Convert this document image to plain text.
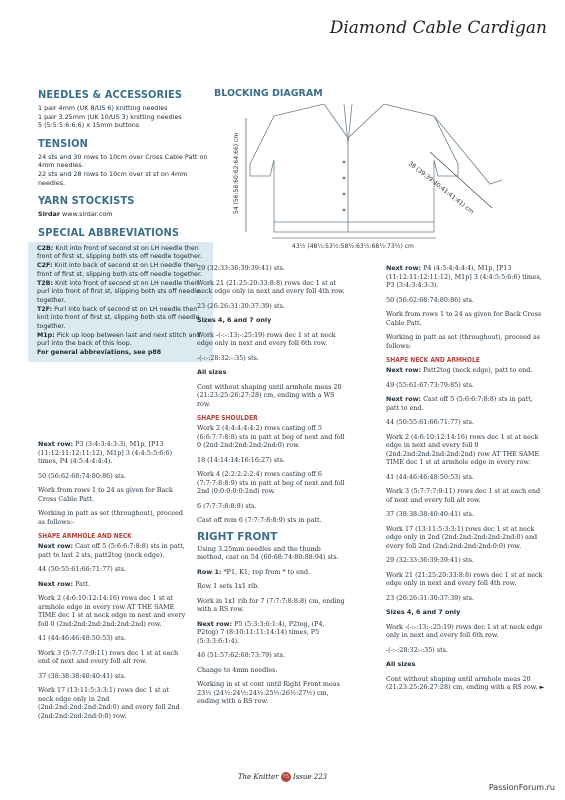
Diamond Cable Cardigan
NEEDLES & ACCESSORIES

1 pair 4mm (UK 8/US 6) knitting needles

1 pair 3.25mm (UK 10/US 3) knitting needles

5 (5:5:5:6:6:6) x 15mm buttons

TENSION

24 sts and 30 rows to 10cm over Cross Cable Patt on 4mm needles.

22 sts and 28 rows to 10cm over st st on 4mm needles.

YARN STOCKISTS

Sirdar www.sirdar.com

SPECIAL ABBREVIATIONS

C2B: Knit into front of second st on LH needle then front of first st, slipping both sts off needle together.

C2F: Knit into back of second st on LH needle then front of first st, slipping both sts off needle together.

T2B: Knit into front of second st on LH needle then purl into front of first st, slipping both sts off needle together.

T2F: Purl into back of second st on LH needle then knit into front of first st, slipping both sts off needle together.

M1p: Pick up loop between last and next stitch and purl into the back of this loop.

For general abbreviations, see p88

BLOCKING DIAGRAM
54 (56:58:60:62:64:66) cm	38 (39:39:40:41:41:41) cm
43½ (48½:53½:58½:63½:68½:73½) cm

Next row: P3 (3:4:3:4:3:3), M1p, [P13 (11:12:11:12:11:12), M1p] 3 (4:4:5:5:6:6) times, P4 (4:5:4:4:4:4).

50 (56:62:68:74:80:86) sts.

Work from rows 1 to 24 as given for Back Cross Cable Patt.

Working in patt as set (throughout), proceed as follows:-

SHAPE ARMHOLE AND NECK

Next row: Cast off 5 (5:6:6:7:8:8) sts in patt, patt to last 2 sts, patt2tog (neck edge).

44 (50:55:61:66:71:77) sts.

Next row: Patt.

Work 2 (4:6:10:12:14:16) rows dec 1 st at armhole edge in every row AT THE SAME TIME dec 1 st at neck edge in next and every foll 0 (2nd:2nd:2nd:2nd:2nd:2nd) row.

41 (44:46:46:48:50:53) sts.

Work 3 (5:7:7:7:9:11) rows dec 1 st at each end of next and every foll alt row.

37 (38:38:38:40:40:41) sts.

Work 17 (13:11:5:3:3:1) rows dec 1 st at neck edge only in 2nd (2nd:2nd:2nd:2nd:2nd:0) and every foll 2nd (2nd:2nd:2nd:2nd:0:0) row.

29 (32:33:36:39:39:41) sts.

Work 21 (21:25:20:33:8:8) rows dec 1 st at neck edge only in next and every foll 4th row.

23 (26:26:31:30:37:39) sts.

Sizes 4, 6 and 7 only

Work -(-:-:13:-:25:19) rows dec 1 st at neck edge only in next and every foll 6th row.

-(-:-:28:32:-:35) sts.

All sizes

Cont without shaping until armhole meas 20 (21:23:25:26:27:28) cm, ending with a WS row.

SHAPE SHOULDER

Work 2 (4:4:4:4:4:2) rows casting off 5 (6:6:7:7:8:8) sts in patt at beg of next and foll 0 (2nd:2nd:2nd:2nd:2nd:0) row.

18 (14:14:14:16:16:27) sts.

Work 4 (2:2:2:2:2:4) rows casting off 6 (7:7:7:8:8:9) sts in patt at beg of next and foll 2nd (0:0:0:0:0:2nd) row.

6 (7:7:7:8:8:9) sts.

Cast off rem 6 (7:7:7:8:8:9) sts in patt.

RIGHT FRONT

Using 3.25mm needles and the thumb method, cast on 54 (60:68:74:80:88:94) sts.

Row 1: *P1, K1; rep from * to end.

Row 1 sets 1x1 rib.

Work in 1x1 rib for 7 (7:7:7:8:8:8) cm, ending with a RS row.

Next row: P5 (5:3:3:6:1:4), P2tog, (P4, P2tog) 7 (8:10:11:11:14:14) times, P5 (5:3:3:6:1:4).

46 (51:57:62:68:73:79) sts.

Change to 4mm needles.

Working in st st cont until Right Front meas 23½ (24½:24½:24½:25½:26½:27½) cm, ending with a RS row.

Next row: P4 (4:5:4:4:4:4), M1p, [P13 (11:12:11:12:11:12), M1p] 3 (4:4:5:5:6:6) times, P3 (3:4:3:4:3:3).

50 (56:62:68:74:80:86) sts.

Work from rows 1 to 24 as given for Back Cross Cable Patt.

Working in patt as set (throughout), proceed as follows:

SHAPE NECK AND ARMHOLE

Next row: Patt2tog (neck edge), patt to end.

49 (55:61:67:73:79:85) sts.

Next row: Cast off 5 (5:6:6:7:8:8) sts in patt, patt to end.

44 (50:55:61:66:71:77) sts.

Work 2 (4:6:10:12:14:16) rows dec 1 st at neck edge in next and every foll 0 (2nd:2nd:2nd:2nd:2nd:2nd) row AT THE SAME TIME dec 1 st at armhole edge in every row.

41 (44:46:46:48:50:53) sts.

Work 3 (5:7:7:7:9:11) rows dec 1 st at each end of next and every foll alt row.

37 (38:38:38:40:40:41) sts.

Work 17 (13:11:5:3:3:1) rows dec 1 st at neck edge only in 2nd (2nd:2nd:2nd:2nd:2nd:0) and every foll 2nd (2nd:2nd:2nd:2nd:0:0) row.

29 (32:33:36:39:39:41) sts.

Work 21 (21:25:20:33:8:8) rows dec 1 st at neck edge only in next and every foll 4th row.

23 (26:26:31:30:37:39) sts.

Sizes 4, 6 and 7 only

Work -(-:-:13:-:25:19) rows dec 1 st at neck edge only in next and every foll 6th row.

-(-:-:28:32:-:35) sts.

All sizes

Cont without shaping until armhole meas 20 (21:23:25:26:27:28) cm, ending with a RS row. ►

The Knitter 75 Issue 223
PassionForum.ru
